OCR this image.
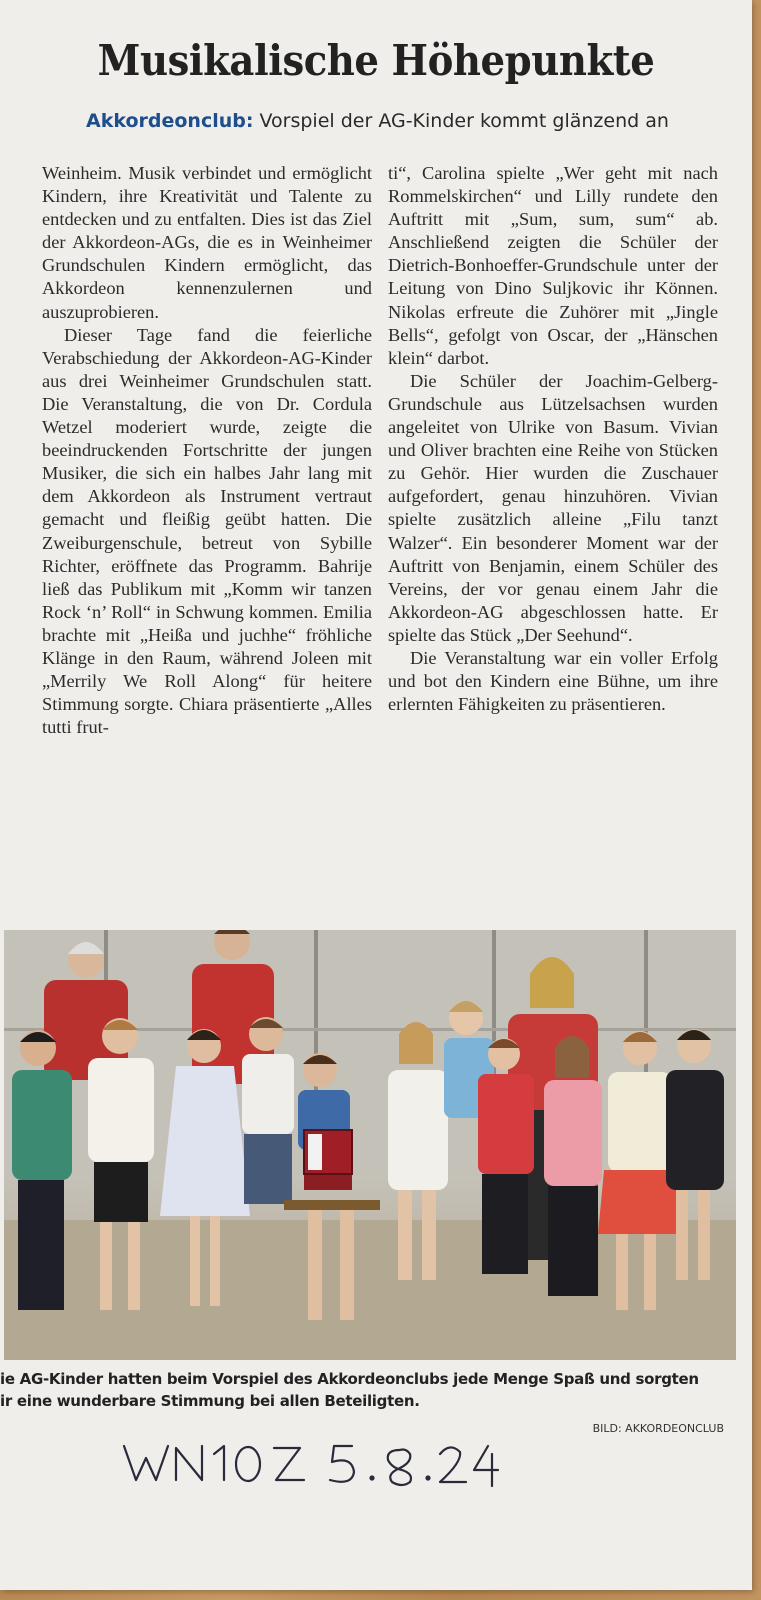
Musikalische Höhepunkte
Akkordeonclub: Vorspiel der AG-Kinder kommt glänzend an

Weinheim. Musik verbindet und ermöglicht Kindern, ihre Kreativität und Talente zu entdecken und zu entfalten. Dies ist das Ziel der Akkordeon-AGs, die es in Weinheimer Grundschulen Kindern ermöglicht, das Akkordeon kennenzulernen und auszuprobieren.

Dieser Tage fand die feierliche Verabschiedung der Akkordeon-AG-Kinder aus drei Weinheimer Grundschulen statt. Die Veranstaltung, die von Dr. Cordula Wetzel moderiert wurde, zeigte die beeindruckenden Fortschritte der jungen Musiker, die sich ein halbes Jahr lang mit dem Akkordeon als Instrument vertraut gemacht und fleißig geübt hatten. Die Zweiburgenschule, betreut von Sybille Richter, eröffnete das Programm. Bahrije ließ das Publikum mit „Komm wir tanzen Rock ‘n’ Roll“ in Schwung kommen. Emilia brachte mit „Heißa und juchhe“ fröhliche Klänge in den Raum, während Joleen mit „Merrily We Roll Along“ für heitere Stimmung sorgte. Chiara präsentierte „Alles tutti frut-

ti“, Carolina spielte „Wer geht mit nach Rommelskirchen“ und Lilly rundete den Auftritt mit „Sum, sum, sum“ ab. Anschließend zeigten die Schüler der Dietrich-Bonhoeffer-Grundschule unter der Leitung von Dino Suljkovic ihr Können. Nikolas erfreute die Zuhörer mit „Jingle Bells“, gefolgt von Oscar, der „Hänschen klein“ darbot.

Die Schüler der Joachim-Gelberg-Grundschule aus Lützelsachsen wurden angeleitet von Ulrike von Basum. Vivian und Oliver brachten eine Reihe von Stücken zu Gehör. Hier wurden die Zuschauer aufgefordert, genau hinzuhören. Vivian spielte zusätzlich alleine „Filu tanzt Walzer“. Ein besonderer Moment war der Auftritt von Benjamin, einem Schüler des Vereins, der vor genau einem Jahr die Akkordeon-AG abgeschlossen hatte. Er spielte das Stück „Der Seehund“.

Die Veranstaltung war ein voller Erfolg und bot den Kindern eine Bühne, um ihre erlernten Fähigkeiten zu präsentieren.

ie AG-Kinder hatten beim Vorspiel des Akkordeonclubs jede Menge Spaß und sorgten
ir eine wunderbare Stimmung bei allen Beteiligten.
BILD: AKKORDEONCLUB
